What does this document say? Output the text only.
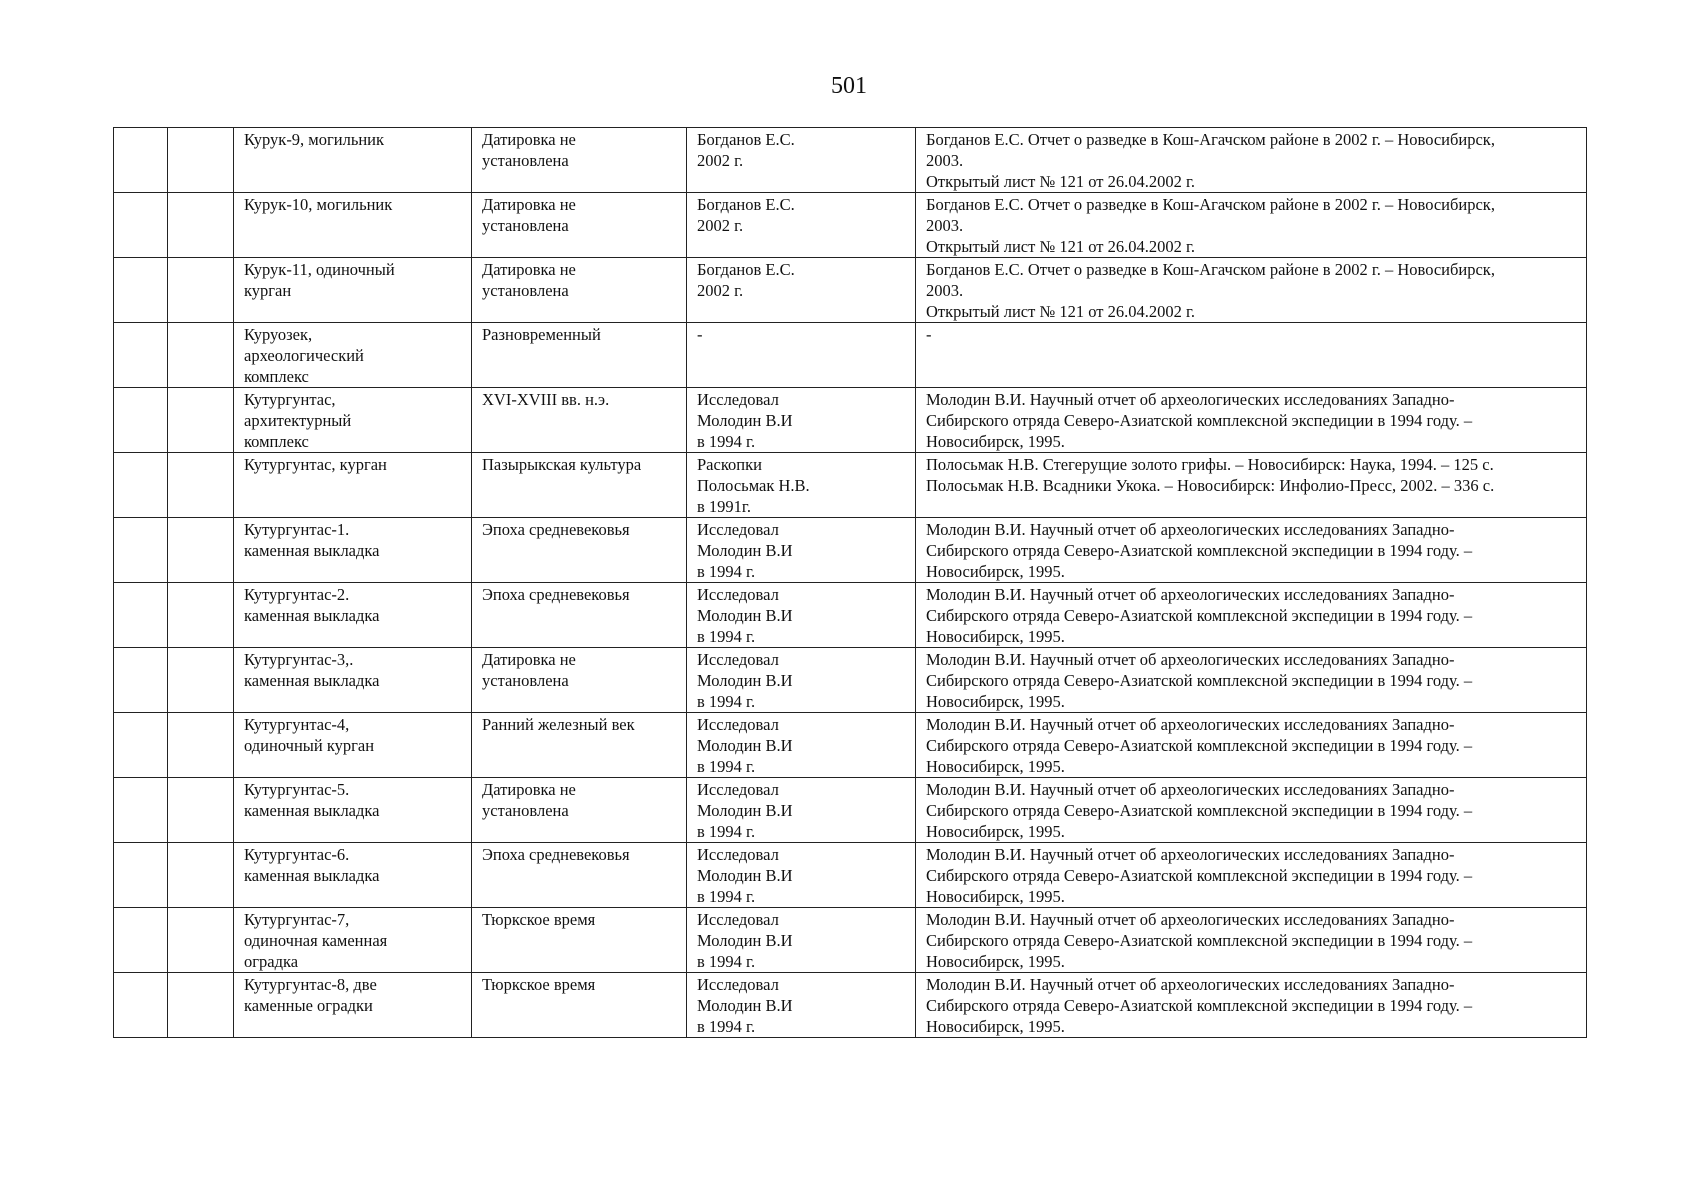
501
		Курук-9, могильник	Датировка не
установлена	Богданов Е.С.
2002 г.	Богданов Е.С. Отчет о разведке в Кош-Агачском районе в 2002 г. – Новосибирск,
2003.
Открытый лист № 121 от 26.04.2002 г.
		Курук-10, могильник	Датировка не
установлена	Богданов Е.С.
2002 г.	Богданов Е.С. Отчет о разведке в Кош-Агачском районе в 2002 г. – Новосибирск,
2003.
Открытый лист № 121 от 26.04.2002 г.
		Курук-11, одиночный
курган	Датировка не
установлена	Богданов Е.С.
2002 г.	Богданов Е.С. Отчет о разведке в Кош-Агачском районе в 2002 г. – Новосибирск,
2003.
Открытый лист № 121 от 26.04.2002 г.
		Куруозек,
археологический
комплекс	Разновременный	-	-
		Кутургунтас,
архитектурный
комплекс	XVI-XVIII вв. н.э.	Исследовал
Молодин В.И
в 1994 г.	Молодин В.И. Научный отчет об археологических исследованиях Западно-
Сибирского отряда Северо-Азиатской комплексной экспедиции в 1994 году. –
Новосибирск, 1995.
		Кутургунтас, курган	Пазырыкская культура	Раскопки
Полосьмак Н.В.
в 1991г.	Полосьмак Н.В. Стегерущие золото грифы. – Новосибирск: Наука, 1994. – 125 с.
Полосьмак Н.В. Всадники Укока. – Новосибирск: Инфолио-Пресс, 2002. – 336 с.
		Кутургунтас-1.
каменная выкладка	Эпоха средневековья	Исследовал
Молодин В.И
в 1994 г.	Молодин В.И. Научный отчет об археологических исследованиях Западно-
Сибирского отряда Северо-Азиатской комплексной экспедиции в 1994 году. –
Новосибирск, 1995.
		Кутургунтас-2.
каменная выкладка	Эпоха средневековья	Исследовал
Молодин В.И
в 1994 г.	Молодин В.И. Научный отчет об археологических исследованиях Западно-
Сибирского отряда Северо-Азиатской комплексной экспедиции в 1994 году. –
Новосибирск, 1995.
		Кутургунтас-3,.
каменная выкладка	Датировка не
установлена	Исследовал
Молодин В.И
в 1994 г.	Молодин В.И. Научный отчет об археологических исследованиях Западно-
Сибирского отряда Северо-Азиатской комплексной экспедиции в 1994 году. –
Новосибирск, 1995.
		Кутургунтас-4,
одиночный курган	Ранний железный век	Исследовал
Молодин В.И
в 1994 г.	Молодин В.И. Научный отчет об археологических исследованиях Западно-
Сибирского отряда Северо-Азиатской комплексной экспедиции в 1994 году. –
Новосибирск, 1995.
		Кутургунтас-5.
каменная выкладка	Датировка не
установлена	Исследовал
Молодин В.И
в 1994 г.	Молодин В.И. Научный отчет об археологических исследованиях Западно-
Сибирского отряда Северо-Азиатской комплексной экспедиции в 1994 году. –
Новосибирск, 1995.
		Кутургунтас-6.
каменная выкладка	Эпоха средневековья	Исследовал
Молодин В.И
в 1994 г.	Молодин В.И. Научный отчет об археологических исследованиях Западно-
Сибирского отряда Северо-Азиатской комплексной экспедиции в 1994 году. –
Новосибирск, 1995.
		Кутургунтас-7,
одиночная каменная
оградка	Тюркское время	Исследовал
Молодин В.И
в 1994 г.	Молодин В.И. Научный отчет об археологических исследованиях Западно-
Сибирского отряда Северо-Азиатской комплексной экспедиции в 1994 году. –
Новосибирск, 1995.
		Кутургунтас-8, две
каменные оградки	Тюркское время	Исследовал
Молодин В.И
в 1994 г.	Молодин В.И. Научный отчет об археологических исследованиях Западно-
Сибирского отряда Северо-Азиатской комплексной экспедиции в 1994 году. –
Новосибирск, 1995.
